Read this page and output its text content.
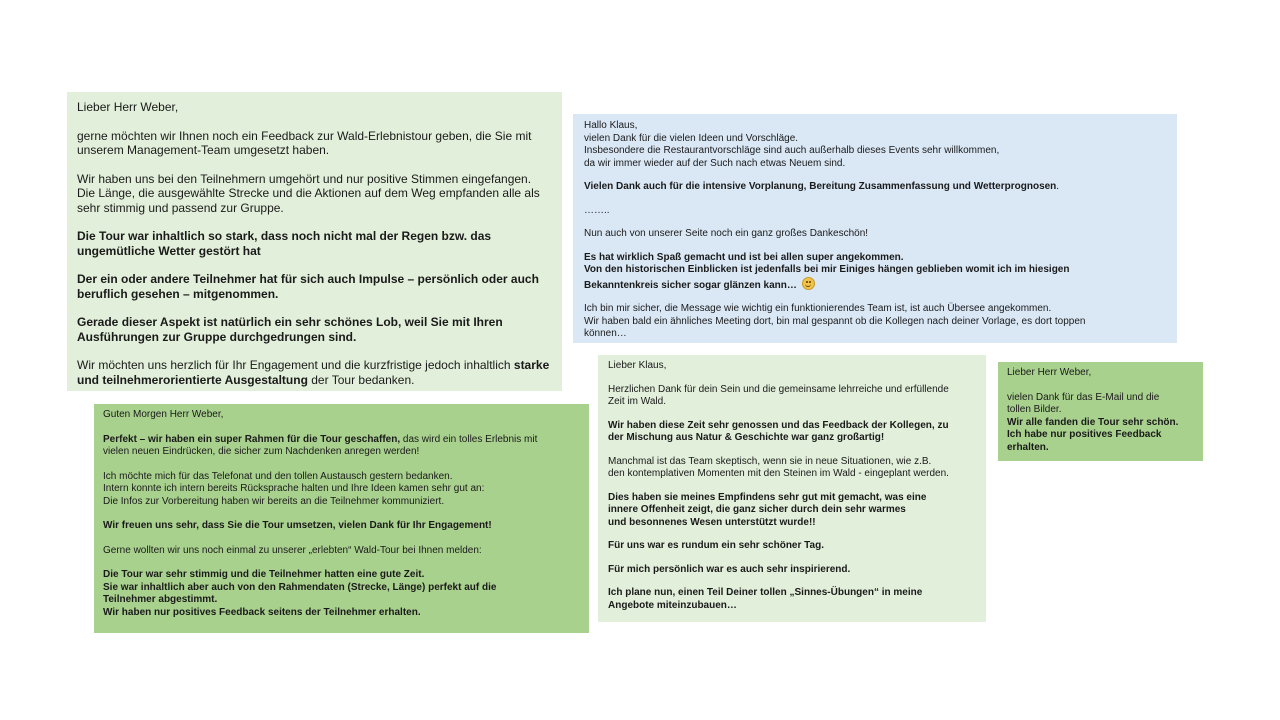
Lieber Herr Weber,

gerne möchten wir Ihnen noch ein Feedback zur Wald-Erlebnistour geben, die Sie mit
unserem Management-Team umgesetzt haben.

Wir haben uns bei den Teilnehmern umgehört und nur positive Stimmen eingefangen.
Die Länge, die ausgewählte Strecke und die Aktionen auf dem Weg empfanden alle als
sehr stimmig und passend zur Gruppe.

Die Tour war inhaltlich so stark, dass noch nicht mal der Regen bzw. das
ungemütliche Wetter gestört hat

Der ein oder andere Teilnehmer hat für sich auch Impulse – persönlich oder auch
beruflich gesehen – mitgenommen.

Gerade dieser Aspekt ist natürlich ein sehr schönes Lob, weil Sie mit Ihren
Ausführungen zur Gruppe durchgedrungen sind.

Wir möchten uns herzlich für Ihr Engagement und die kurzfristige jedoch inhaltlich starke
und teilnehmerorientierte Ausgestaltung der Tour bedanken.

Guten Morgen Herr Weber,

Perfekt – wir haben ein super Rahmen für die Tour geschaffen, das wird ein tolles Erlebnis mit
vielen neuen Eindrücken, die sicher zum Nachdenken anregen werden!

Ich möchte mich für das Telefonat und den tollen Austausch gestern bedanken.
Intern konnte ich intern bereits Rücksprache halten und Ihre Ideen kamen sehr gut an:
Die Infos zur Vorbereitung haben wir bereits an die Teilnehmer kommuniziert.

Wir freuen uns sehr, dass Sie die Tour umsetzen, vielen Dank für Ihr Engagement!

Gerne wollten wir uns noch einmal zu unserer „erlebten“ Wald-Tour bei Ihnen melden:

Die Tour war sehr stimmig und die Teilnehmer hatten eine gute Zeit.
Sie war inhaltlich aber auch von den Rahmendaten (Strecke, Länge) perfekt auf die
Teilnehmer abgestimmt.
Wir haben nur positives Feedback seitens der Teilnehmer erhalten.

Hallo Klaus,
vielen Dank für die vielen Ideen und Vorschläge.
Insbesondere die Restaurantvorschläge sind auch außerhalb dieses Events sehr willkommen,
da wir immer wieder auf der Such nach etwas Neuem sind.

Vielen Dank auch für die intensive Vorplanung, Bereitung Zusammenfassung und Wetterprognosen.

……..

Nun auch von unserer Seite noch ein ganz großes Dankeschön!

Es hat wirklich Spaß gemacht und ist bei allen super angekommen.
Von den historischen Einblicken ist jedenfalls bei mir Einiges hängen geblieben womit ich im hiesigen
Bekanntenkreis sicher sogar glänzen kann…

Ich bin mir sicher, die Message wie wichtig ein funktionierendes Team ist, ist auch Übersee angekommen.
Wir haben bald ein ähnliches Meeting dort, bin mal gespannt ob die Kollegen nach deiner Vorlage, es dort toppen
können…

Lieber Klaus,

Herzlichen Dank für dein Sein und die gemeinsame lehrreiche und erfüllende
Zeit im Wald.

Wir haben diese Zeit sehr genossen und das Feedback der Kollegen, zu
der Mischung aus Natur & Geschichte war ganz großartig!

Manchmal ist das Team skeptisch, wenn sie in neue Situationen, wie z.B.
den kontemplativen Momenten mit den Steinen im Wald - eingeplant werden.

Dies haben sie meines Empfindens sehr gut mit gemacht, was eine
innere Offenheit zeigt, die ganz sicher durch dein sehr warmes
und besonnenes Wesen unterstützt wurde!!

Für uns war es rundum ein sehr schöner Tag.

Für mich persönlich war es auch sehr inspirierend.

Ich plane nun, einen Teil Deiner tollen „Sinnes-Übungen“ in meine
Angebote miteinzubauen…

Lieber Herr Weber,

vielen Dank für das E-Mail und die
tollen Bilder.
Wir alle fanden die Tour sehr schön.
Ich habe nur positives Feedback
erhalten.
